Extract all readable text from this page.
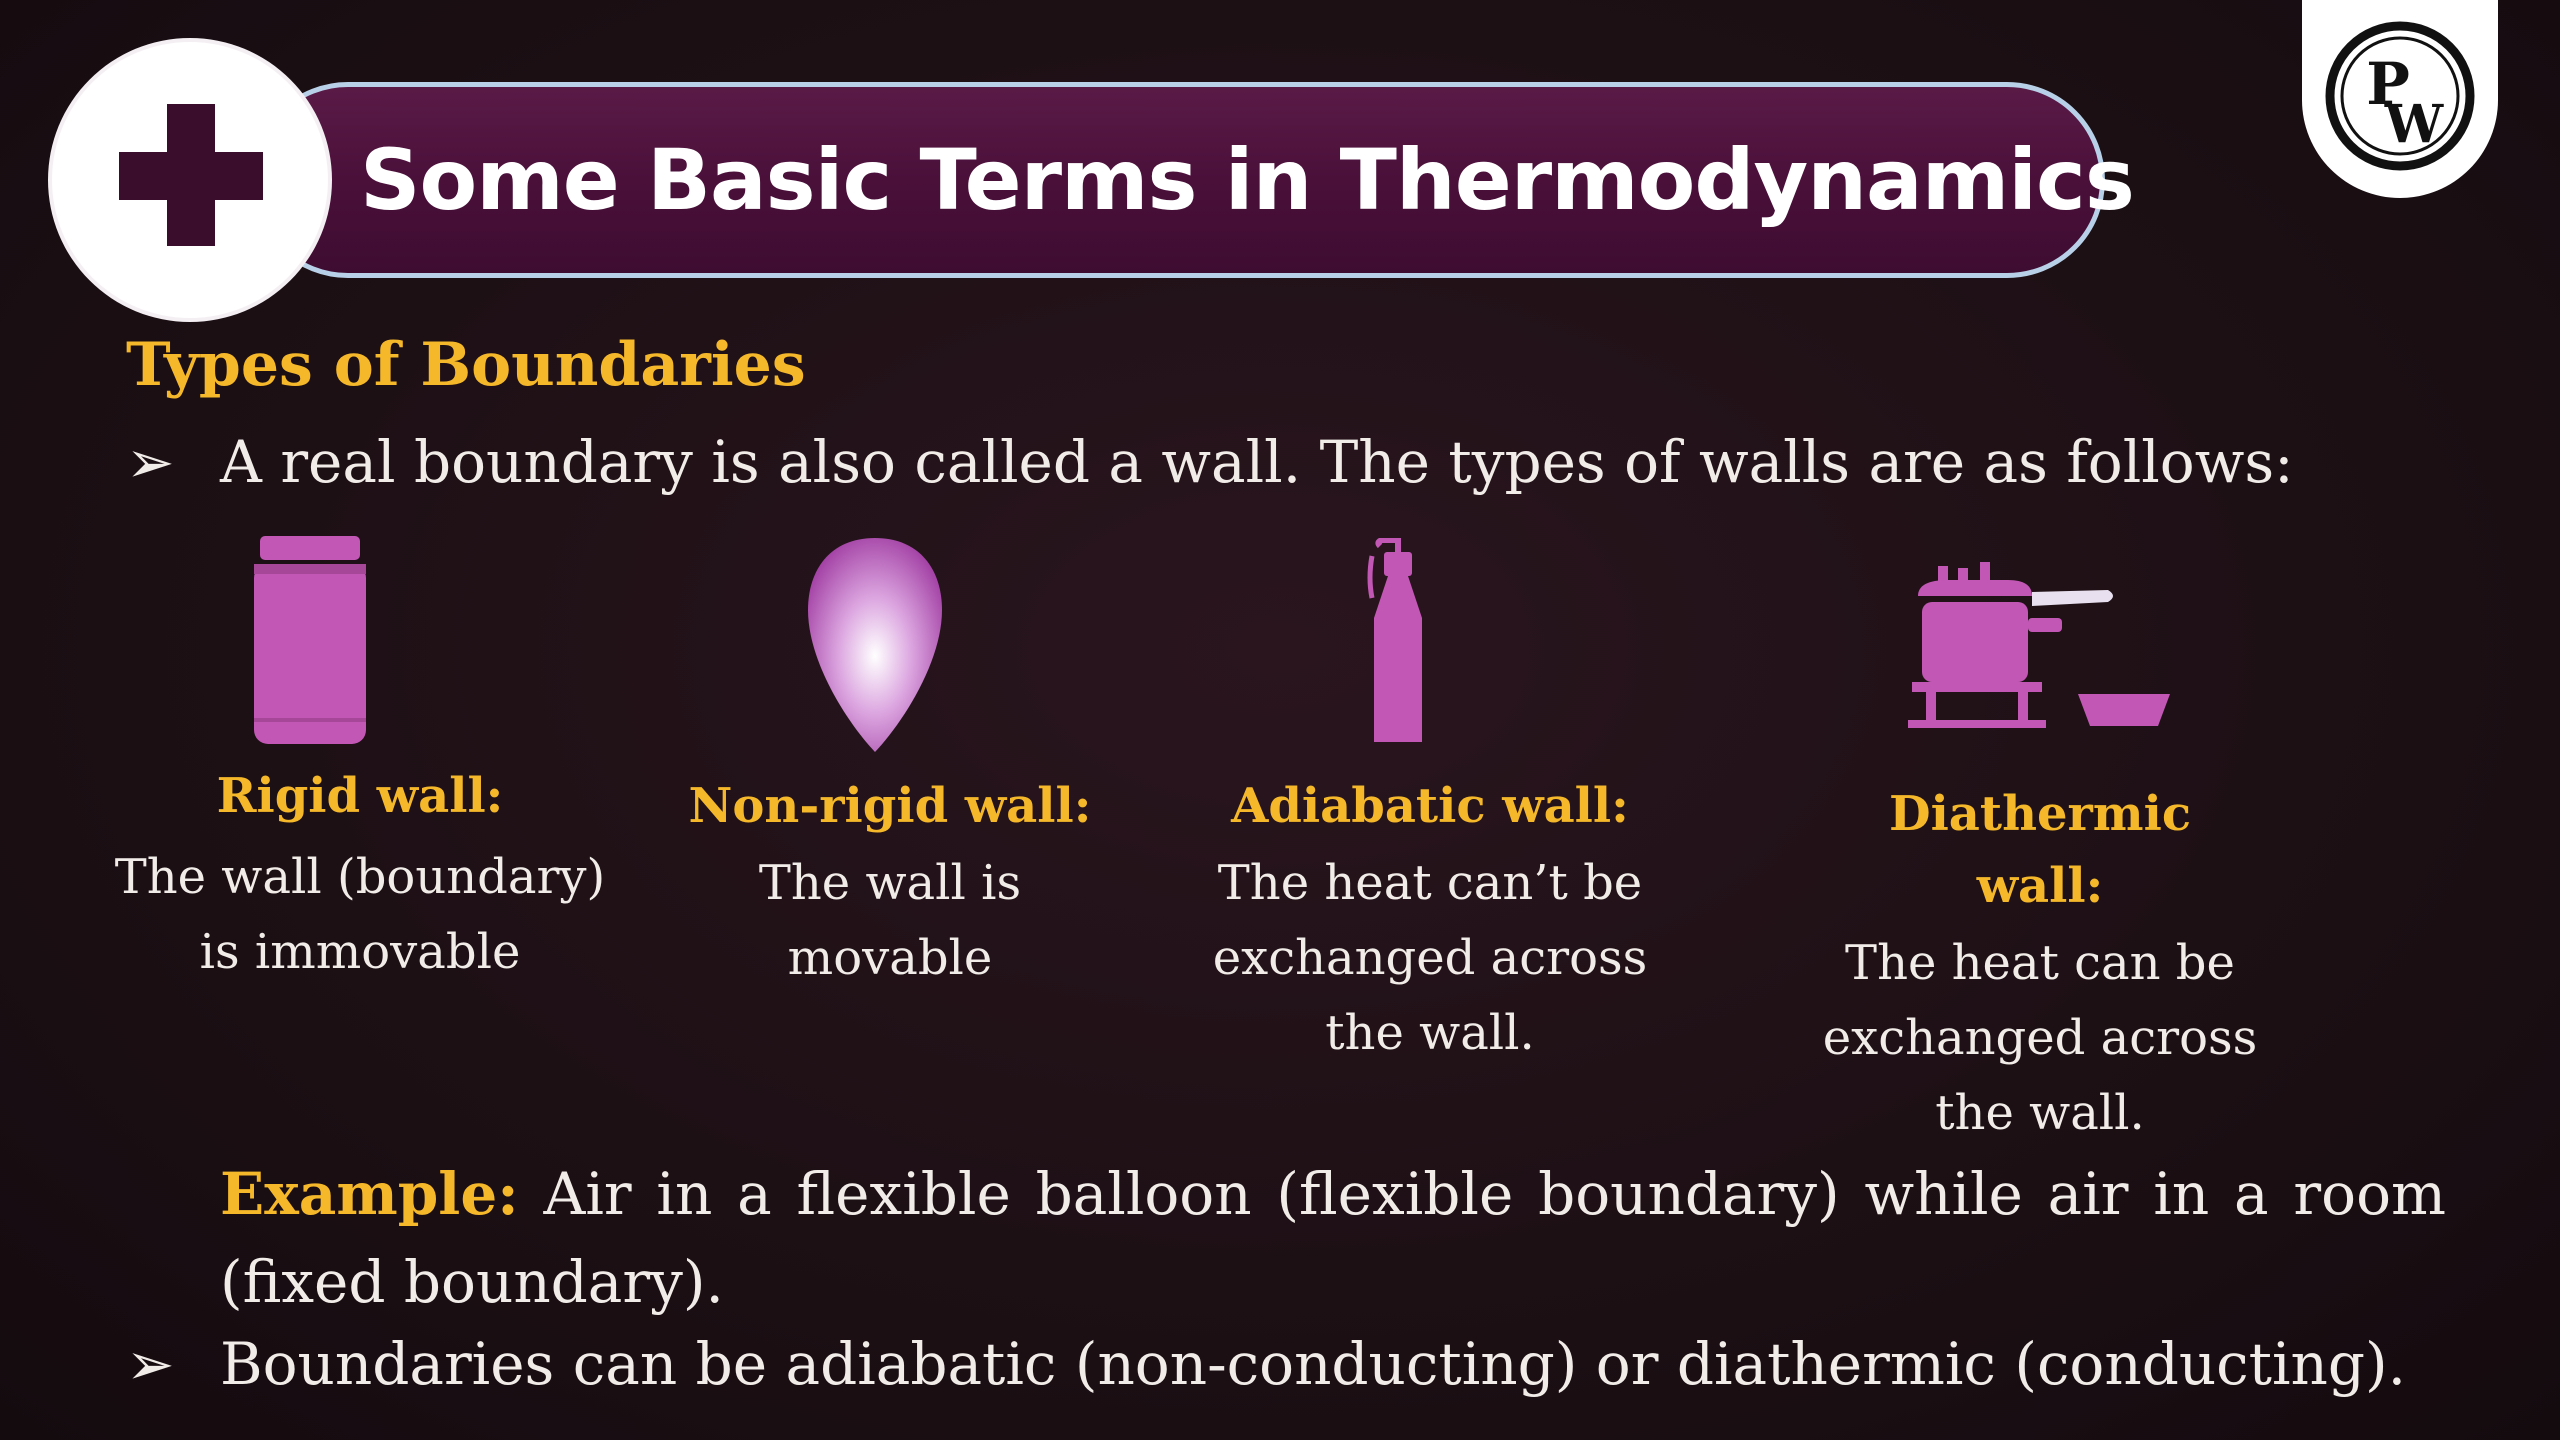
Some Basic Terms in Thermodynamics
P
W
Types of Boundaries
➢ A real boundary is also called a wall. The types of walls are as follows:
Rigid wall:
The wall (boundary)
is immovable
Non-rigid wall:
The wall is
movable
Adiabatic wall:
The heat can’t be
exchanged across
the wall.
Diathermic
wall:
The heat can be
exchanged across
the wall.
Example: Air in a flexible balloon (flexible boundary) while air in a room (fixed boundary).
➢ Boundaries can be adiabatic (non-conducting) or diathermic (conducting).
